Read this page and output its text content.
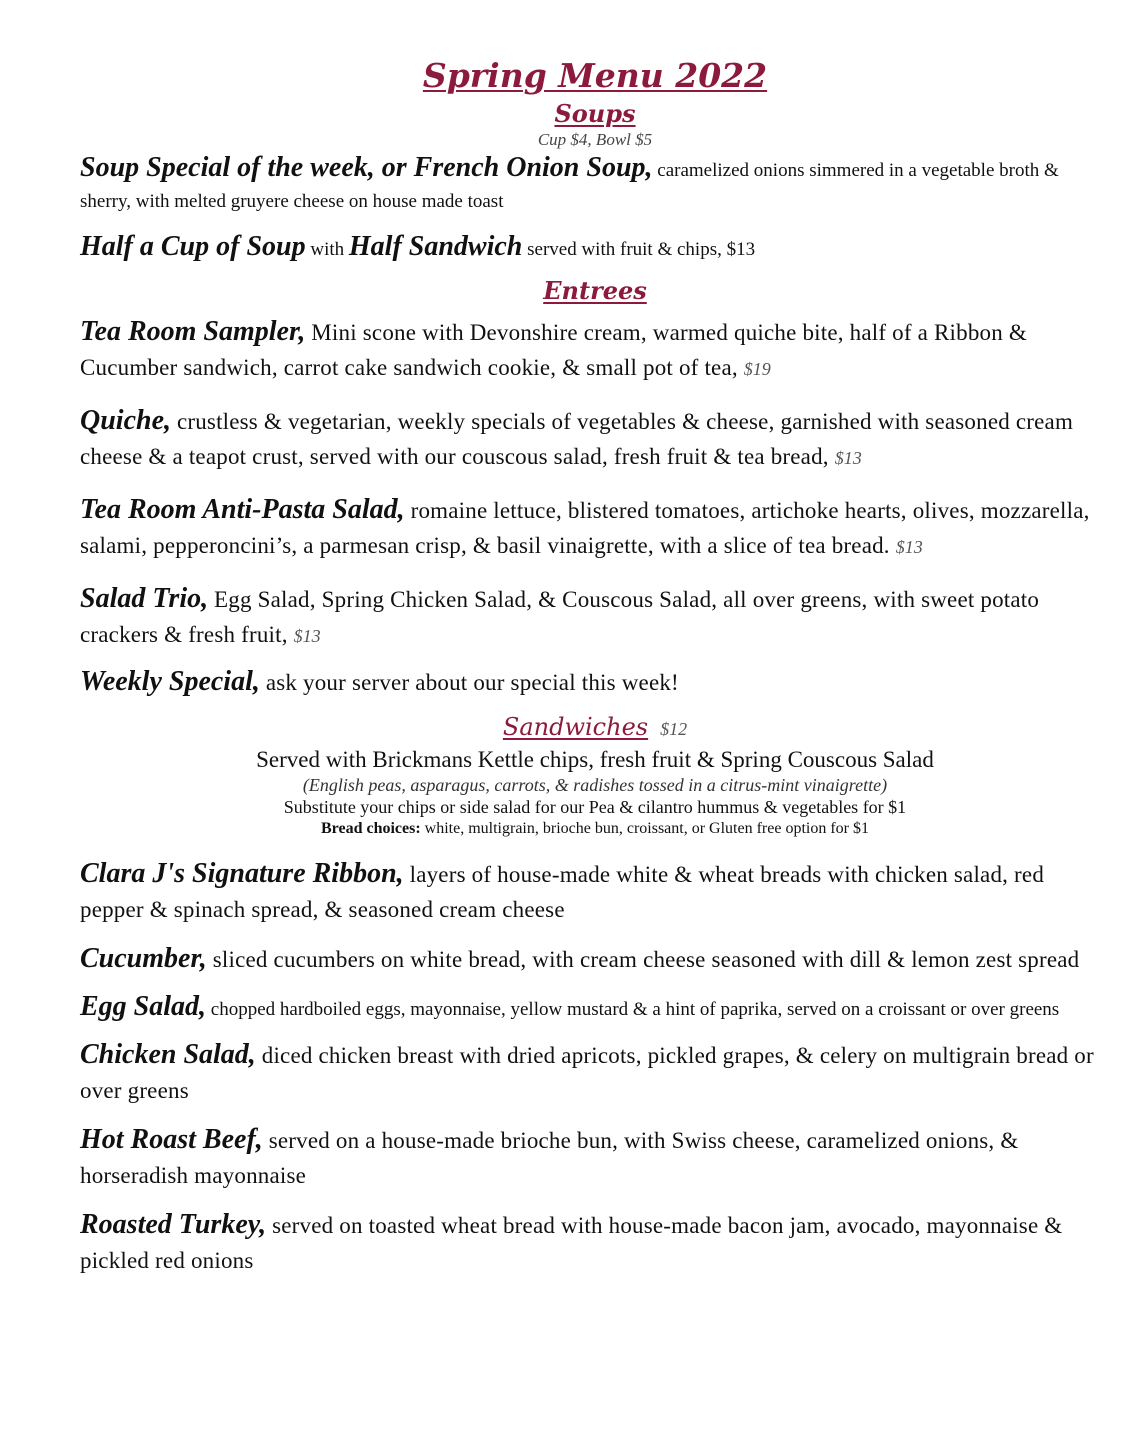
Spring Menu 2022
Soups
Cup $4, Bowl $5

Soup Special of the week, or French Onion Soup, caramelized onions simmered in a vegetable broth & sherry, with melted gruyere cheese on house made toast

Half a Cup of Soup with Half Sandwich served with fruit & chips, $13

Entrees

Tea Room Sampler, Mini scone with Devonshire cream, warmed quiche bite, half of a Ribbon & Cucumber sandwich, carrot cake sandwich cookie, & small pot of tea, $19

Quiche, crustless & vegetarian, weekly specials of vegetables & cheese, garnished with seasoned cream cheese & a teapot crust, served with our couscous salad, fresh fruit & tea bread, $13

Tea Room Anti-Pasta Salad, romaine lettuce, blistered tomatoes, artichoke hearts, olives, mozzarella, salami, pepperoncini’s, a parmesan crisp, & basil vinaigrette, with a slice of tea bread. $13

Salad Trio, Egg Salad, Spring Chicken Salad, & Couscous Salad, all over greens, with sweet potato crackers & fresh fruit, $13

Weekly Special, ask your server about our special this week!

Sandwiches $12
Served with Brickmans Kettle chips, fresh fruit & Spring Couscous Salad
(English peas, asparagus, carrots, & radishes tossed in a citrus-mint vinaigrette)
Substitute your chips or side salad for our Pea & cilantro hummus & vegetables for $1
Bread choices: white, multigrain, brioche bun, croissant, or Gluten free option for $1

Clara J's Signature Ribbon, layers of house-made white & wheat breads with chicken salad, red pepper & spinach spread, & seasoned cream cheese

Cucumber, sliced cucumbers on white bread, with cream cheese seasoned with dill & lemon zest spread

Egg Salad, chopped hardboiled eggs, mayonnaise, yellow mustard & a hint of paprika, served on a croissant or over greens

Chicken Salad, diced chicken breast with dried apricots, pickled grapes, & celery on multigrain bread or over greens

Hot Roast Beef, served on a house-made brioche bun, with Swiss cheese, caramelized onions, & horseradish mayonnaise

Roasted Turkey, served on toasted wheat bread with house-made bacon jam, avocado, mayonnaise & pickled red onions
